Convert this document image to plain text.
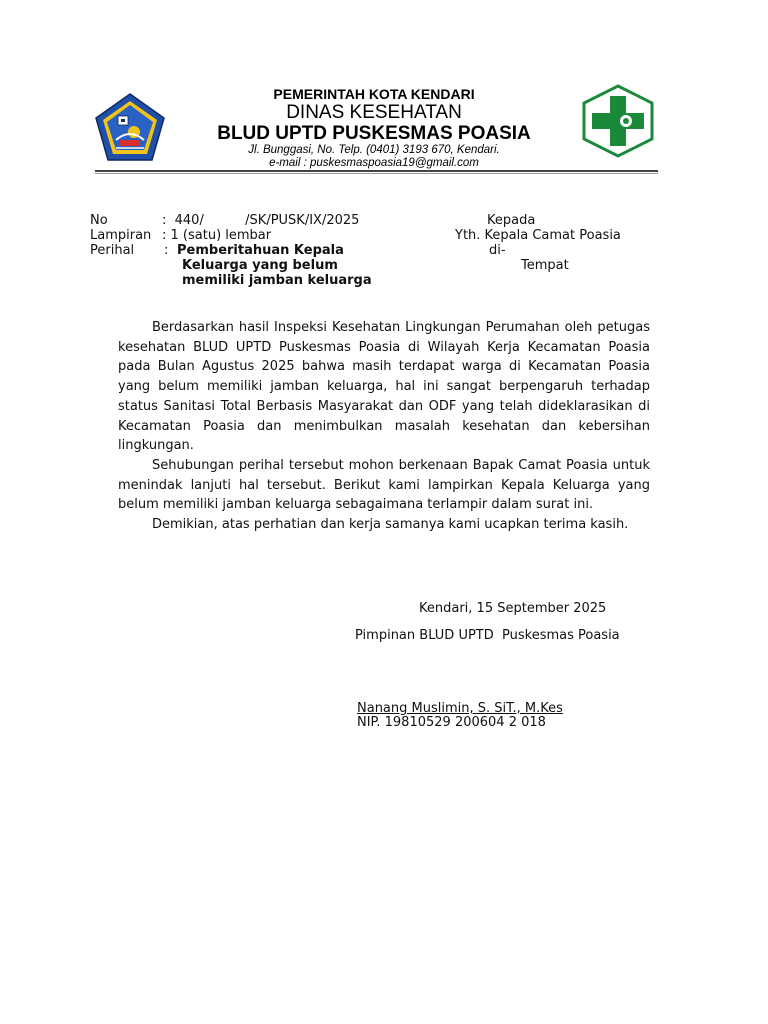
PEMERINTAH KOTA KENDARI
DINAS KESEHATAN
BLUD UPTD PUSKESMAS POASIA
Jl. Bunggasi, No. Telp. (0401) 3193 670, Kendari.
e-mail : puskesmaspoasia19@gmail.com
No	:  440/          /SK/PUSK/IX/2025
Lampiran : 1 (satu) lembar
Perihal : Pemberitahuan Kepala
Keluarga yang belum
memiliki jamban keluarga
Kepada
Yth. Kepala Camat Poasia
di-
Tempat

Berdasarkan hasil Inspeksi Kesehatan Lingkungan Perumahan oleh petugas kesehatan BLUD UPTD Puskesmas Poasia di Wilayah Kerja Kecamatan Poasia pada Bulan Agustus 2025 bahwa masih terdapat warga di Kecamatan Poasia yang belum memiliki jamban keluarga, hal ini sangat berpengaruh terhadap status Sanitasi Total Berbasis Masyarakat dan ODF yang telah dideklarasikan di Kecamatan Poasia dan menimbulkan masalah kesehatan dan kebersihan lingkungan.

Sehubungan perihal tersebut mohon berkenaan Bapak Camat Poasia untuk menindak lanjuti hal tersebut. Berikut kami lampirkan Kepala Keluarga yang belum memiliki jamban keluarga sebagaimana terlampir dalam surat ini.

Demikian, atas perhatian dan kerja samanya kami ucapkan terima kasih.

Kendari, 15 September 2025
Pimpinan BLUD UPTD  Puskesmas Poasia
Nanang Muslimin, S. SiT., M.Kes
NIP. 19810529 200604 2 018
